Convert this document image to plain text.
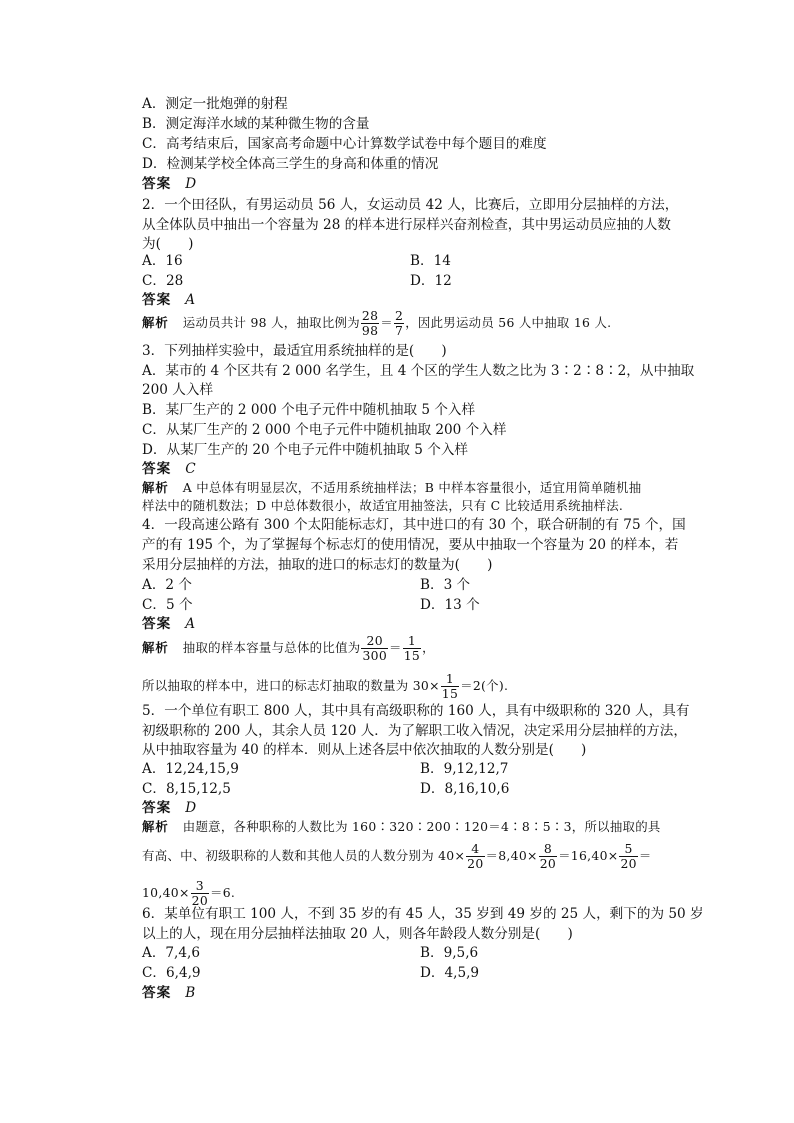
A．测定一批炮弹的射程
B．测定海洋水域的某种微生物的含量
C．高考结束后，国家高考命题中心计算数学试卷中每个题目的难度
D．检测某学校全体高三学生的身高和体重的情况
答案 D
2．一个田径队，有男运动员 56 人，女运动员 42 人，比赛后，立即用分层抽样的方法，
从全体队员中抽出一个容量为 28 的样本进行尿样兴奋剂检查，其中男运动员应抽的人数
为(　　)
A．16	B．14
C．28	D．12
答案 A
解析 运动员共计 98 人，抽取比例为 $\frac{28}{98} = \frac{2}{7}$ ，因此男运动员 56 人中抽取 16 人.
3．下列抽样实验中，最适宜用系统抽样的是(　　)
A．某市的 4 个区共有 2 000 名学生，且 4 个区的学生人数之比为 3∶2∶8∶2，从中抽取
200 人入样
B．某厂生产的 2 000 个电子元件中随机抽取 5 个入样
C．从某厂生产的 2 000 个电子元件中随机抽取 200 个入样
D．从某厂生产的 20 个电子元件中随机抽取 5 个入样
答案 C
解析 A 中总体有明显层次，不适用系统抽样法；B 中样本容量很小，适宜用简单随机抽
样法中的随机数法；D 中总体数很小，故适宜用抽签法，只有 C 比较适用系统抽样法.
4．一段高速公路有 300 个太阳能标志灯，其中进口的有 30 个，联合研制的有 75 个，国
产的有 195 个，为了掌握每个标志灯的使用情况，要从中抽取一个容量为 20 的样本，若
采用分层抽样的方法，抽取的进口的标志灯的数量为(　　)
A．2 个	B．3 个
C．5 个	D．13 个
答案 A
解析 抽取的样本容量与总体的比值为 $\frac{20}{300} = \frac{1}{15}$ ，
所以抽取的样本中，进口的标志灯抽取的数量为 $30\times \frac{1}{15} =2$(个).
5．一个单位有职工 800 人，其中具有高级职称的 160 人，具有中级职称的 320 人，具有
初级职称的 200 人，其余人员 120 人．为了解职工收入情况，决定采用分层抽样的方法，
从中抽取容量为 40 的样本．则从上述各层中依次抽取的人数分别是(　　)
A．12,24,15,9	B．9,12,12,7
C．8,15,12,5	D．8,16,10,6
答案 D
解析 由题意，各种职称的人数比为 160∶320∶200∶120＝4∶8∶5∶3，所以抽取的具
有高、中、初级职称的人数和其他人员的人数分别为 $40\times \frac{4}{20} =8,40\times \frac{8}{20} =16,40\times \frac{5}{20}$ ＝
$10,40\times \frac{3}{20} =6$.
6．某单位有职工 100 人，不到 35 岁的有 45 人，35 岁到 49 岁的 25 人，剩下的为 50 岁
以上的人，现在用分层抽样法抽取 20 人，则各年龄段人数分别是(　　)
A．7,4,6	B．9,5,6
C．6,4,9	D．4,5,9
答案 B
